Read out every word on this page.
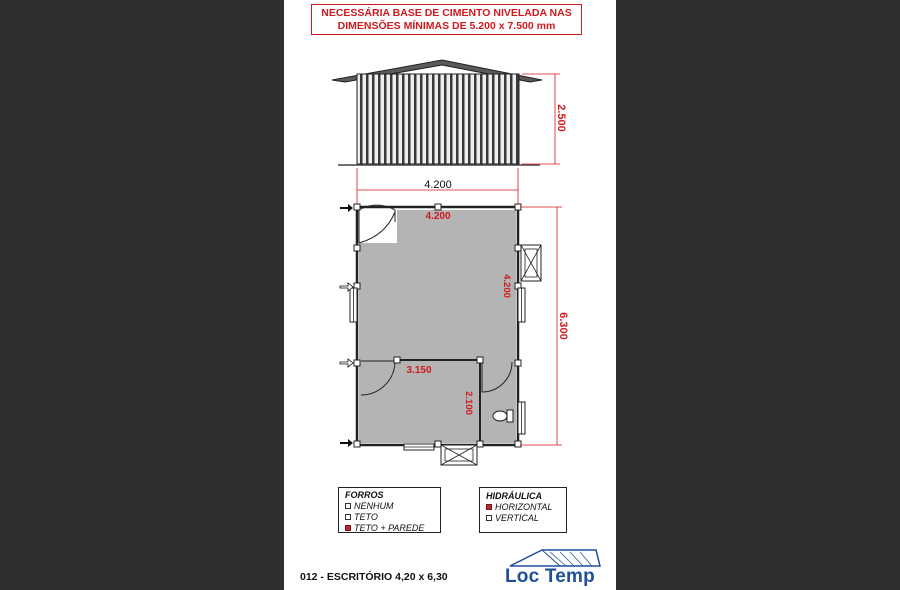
NECESSÁRIA BASE DE CIMENTO NIVELADA NAS
DIMENSÕES MÍNIMAS DE 5.200 x 7.500 mm
2.500
4.200
4.200
4.200
3.150
2.100
6.300
FORROS
NENHUM
TETO
TETO + PAREDE
HIDRÁULICA
HORIZONTAL
VERTICAL
012 - ESCRITÓRIO 4,20 x 6,30	Loc Temp
